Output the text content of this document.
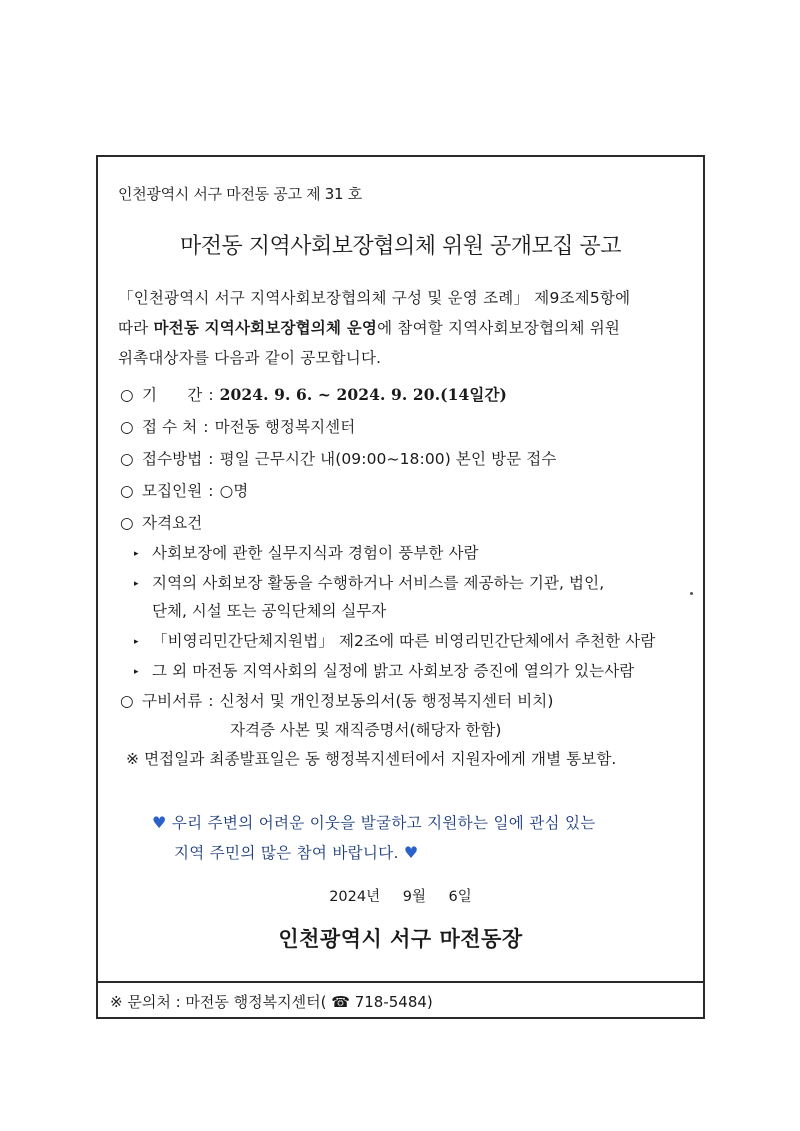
인천광역시 서구 마전동 공고 제 31 호
마전동 지역사회보장협의체 위원 공개모집 공고
「인천광역시 서구 지역사회보장협의체 구성 및 운영 조례」 제9조제5항에
따라 마전동 지역사회보장협의체 운영에 참여할 지역사회보장협의체 위원
위촉대상자를 다음과 같이 공모합니다.
○ 기      간 : 2024. 9. 6. ~ 2024. 9. 20.(14일간)
○ 접 수 처 : 마전동 행정복지센터
○ 접수방법 : 평일 근무시간 내(09:00~18:00) 본인 방문 접수
○ 모집인원 : ○명
○ 자격요건
▸ 사회보장에 관한 실무지식과 경험이 풍부한 사람
▸ 지역의 사회보장 활동을 수행하거나 서비스를 제공하는 기관, 법인,
단체, 시설 또는 공익단체의 실무자
▸ 「비영리민간단체지원법」 제2조에 따른 비영리민간단체에서 추천한 사람
▸ 그 외 마전동 지역사회의 실정에 밝고 사회보장 증진에 열의가 있는사람
○ 구비서류 : 신청서 및 개인정보동의서(동 행정복지센터 비치)
자격증 사본 및 재직증명서(해당자 한함)
※ 면접일과 최종발표일은 동 행정복지센터에서 지원자에게 개별 통보함.
♥ 우리 주변의 어려운 이웃을 발굴하고 지원하는 일에 관심 있는
지역 주민의 많은 참여 바랍니다. ♥
2024년 9월 6일
인천광역시 서구 마전동장
※ 문의처 : 마전동 행정복지센터( ☎ 718-5484)
